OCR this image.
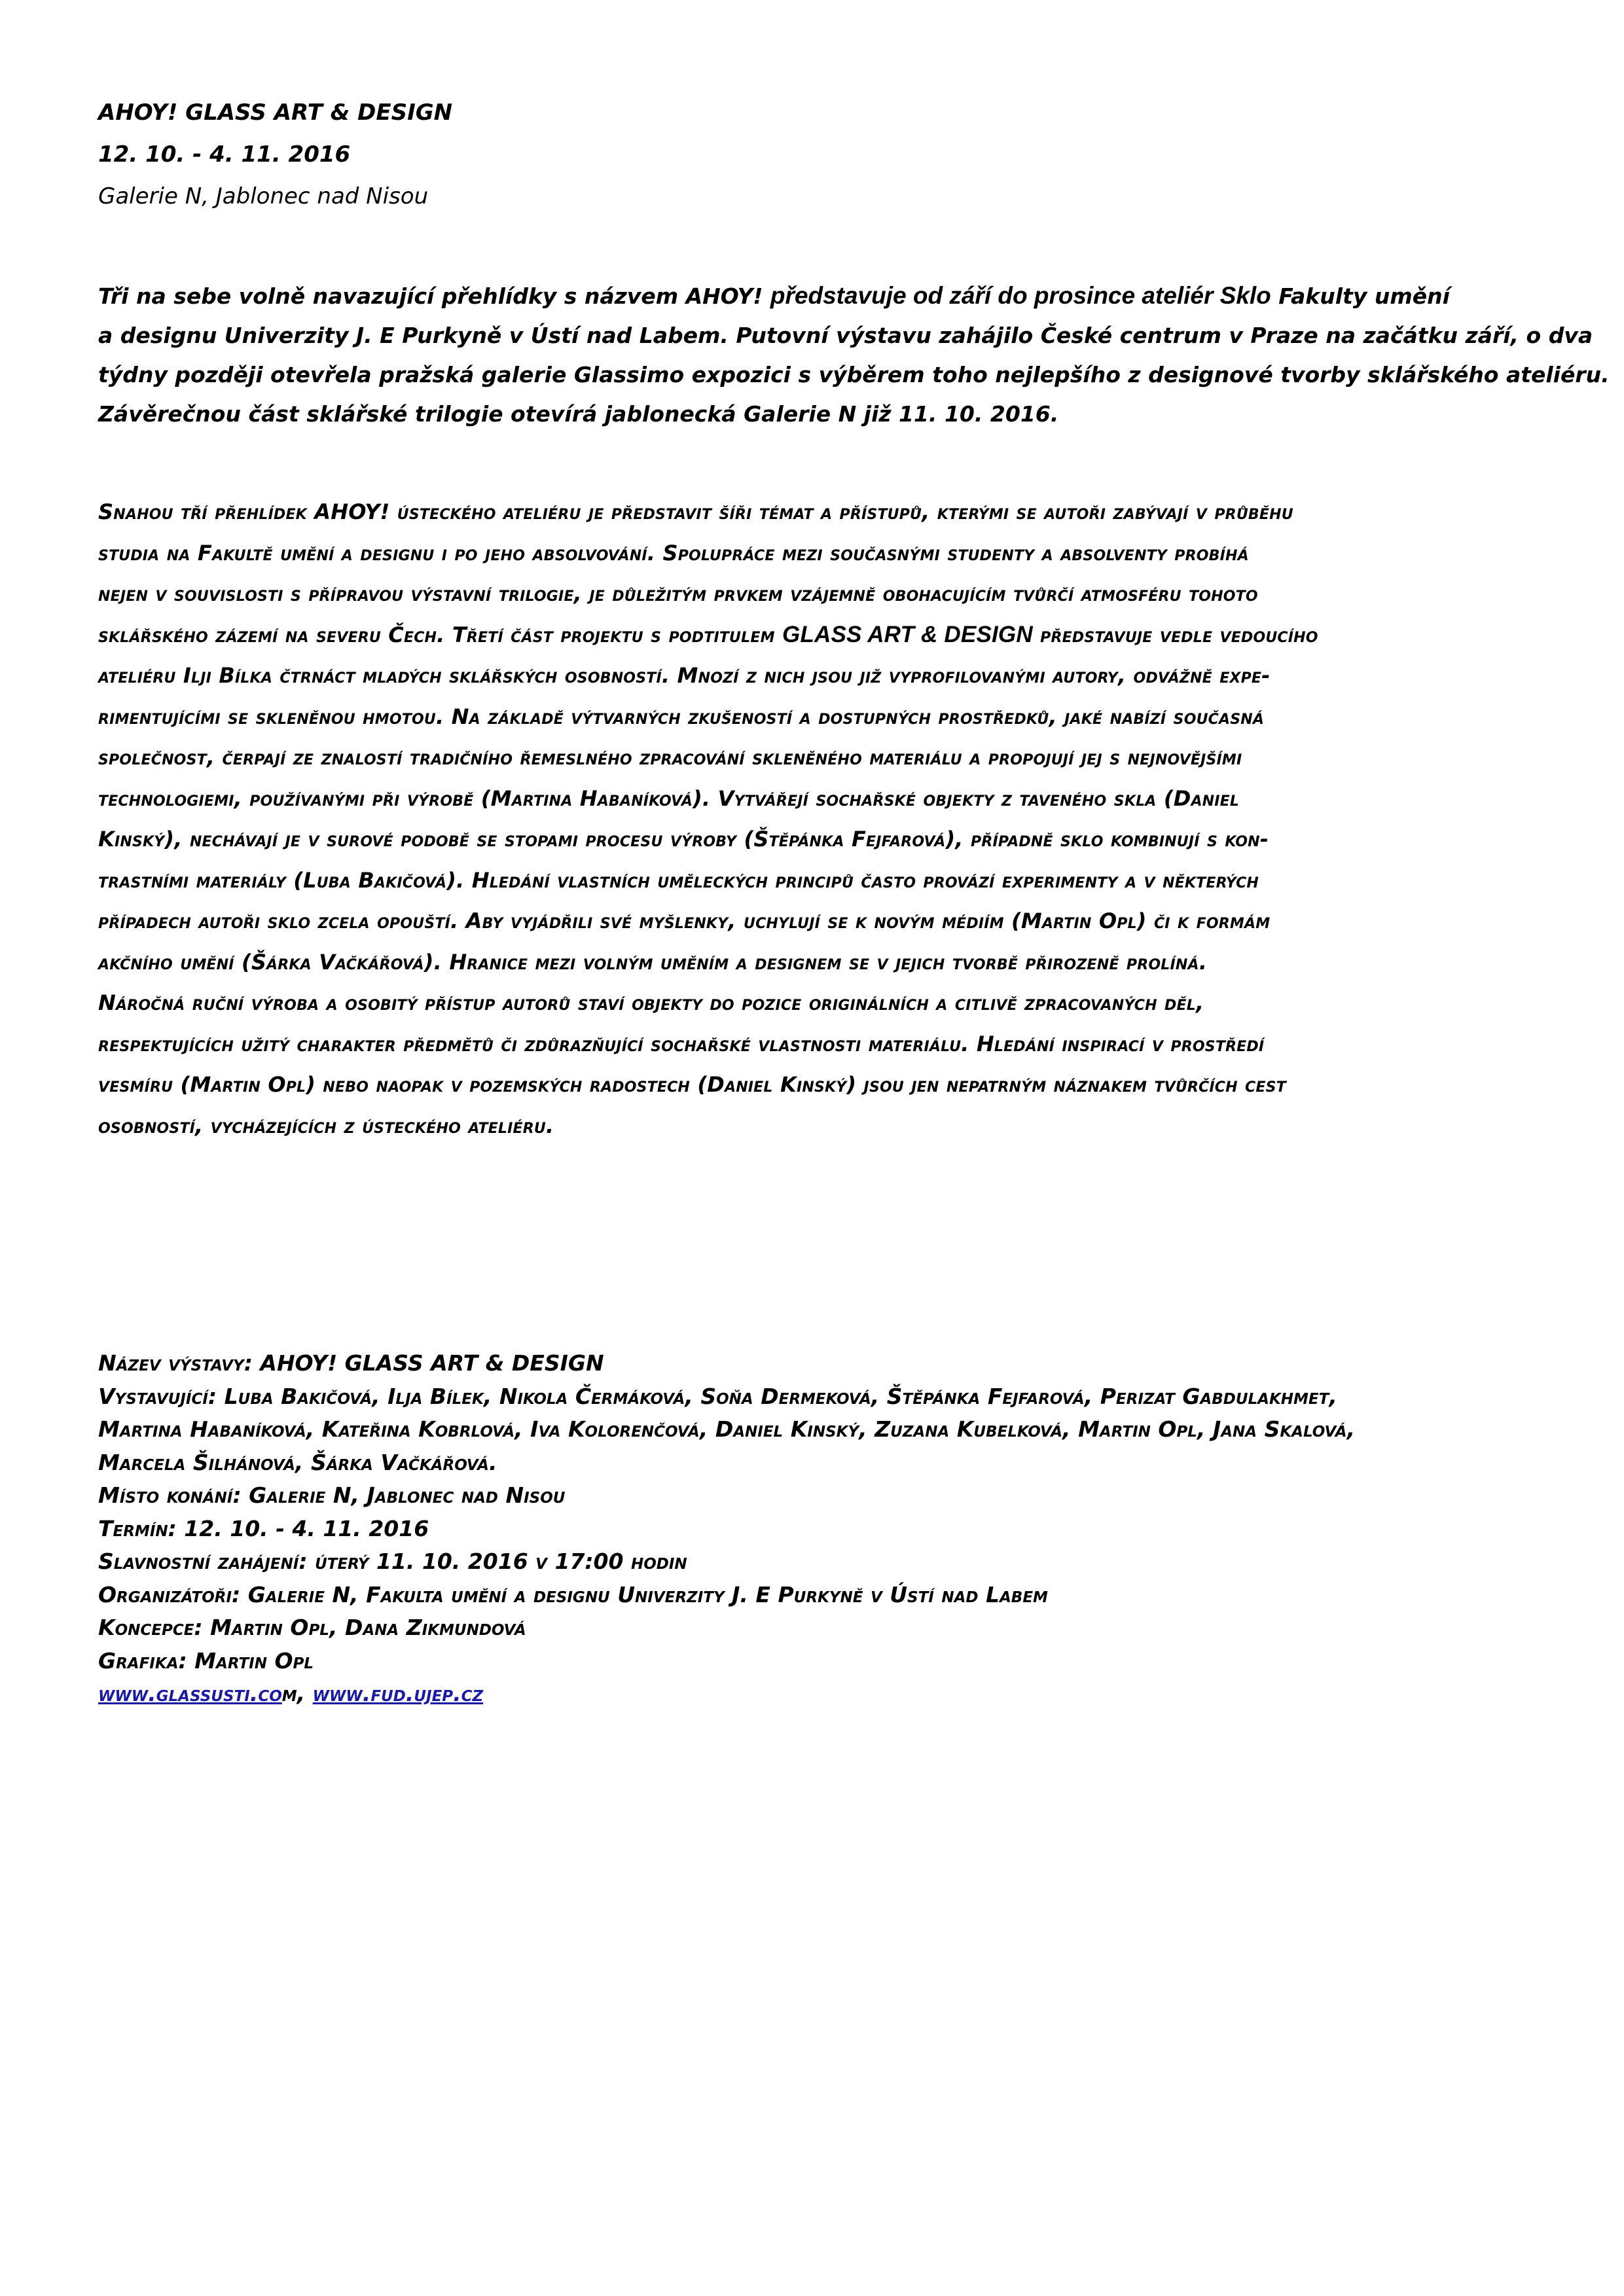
AHOY! GLASS ART & DESIGN
12. 10. - 4. 11. 2016
Galerie N, Jablonec nad Nisou
Tři na sebe volně navazující přehlídky s názvem AHOY! představuje od září do prosince ateliér Sklo Fakulty umění
a designu Univerzity J. E Purkyně v Ústí nad Labem. Putovní výstavu zahájilo České centrum v Praze na začátku září, o dva
týdny později otevřela pražská galerie Glassimo expozici s výběrem toho nejlepšího z designové tvorby sklářského ateliéru.
Závěrečnou část sklářské trilogie otevírá jablonecká Galerie N již 11. 10. 2016.
Snahou tří přehlídek AHOY! ústeckého ateliéru je představit šíři témat a přístupů, kterými se autoři zabývají v průběhu
studia na Fakultě umění a designu i po jeho absolvování. Spolupráce mezi současnými studenty a absolventy probíhá
nejen v souvislosti s přípravou výstavní trilogie, je důležitým prvkem vzájemně obohacujícím tvůrčí atmosféru tohoto
sklářského zázemí na severu Čech. Třetí část projektu s podtitulem GLASS ART & DESIGN představuje vedle vedoucího
ateliéru Ilji Bílka čtrnáct mladých sklářských osobností. Mnozí z nich jsou již vyprofilovanými autory, odvážně expe-
rimentujícími se skleněnou hmotou. Na základě výtvarných zkušeností a dostupných prostředků, jaké nabízí současná
společnost, čerpají ze znalostí tradičního řemeslného zpracování skleněného materiálu a propojují jej s nejnovějšími
technologiemi, používanými při výrobě (Martina Habaníková). Vytvářejí sochařské objekty z taveného skla (Daniel
Kinský), nechávají je v surové podobě se stopami procesu výroby (Štěpánka Fejfarová), případně sklo kombinují s kon-
trastními materiály (Luba Bakičová). Hledání vlastních uměleckých principů často provází experimenty a v některých
případech autoři sklo zcela opouští. Aby vyjádřili své myšlenky, uchylují se k novým médiím (Martin Opl) či k formám
akčního umění (Šárka Vačkářová). Hranice mezi volným uměním a designem se v jejich tvorbě přirozeně prolíná.
Náročná ruční výroba a osobitý přístup autorů staví objekty do pozice originálních a citlivě zpracovaných děl,
respektujících užitý charakter předmětů či zdůrazňující sochařské vlastnosti materiálu. Hledání inspirací v prostředí
vesmíru (Martin Opl) nebo naopak v pozemských radostech (Daniel Kinský) jsou jen nepatrným náznakem tvůrčích cest
osobností, vycházejících z ústeckého ateliéru.
Název výstavy: AHOY! GLASS ART & DESIGN
Vystavující: Luba Bakičová, Ilja Bílek, Nikola Čermáková, Soňa Dermeková, Štěpánka Fejfarová, Perizat Gabdulakhmet,
Martina Habaníková, Kateřina Kobrlová, Iva Kolorenčová, Daniel Kinský, Zuzana Kubelková, Martin Opl, Jana Skalová,
Marcela Šilhánová, Šárka Vačkářová.
Místo konání: Galerie N, Jablonec nad Nisou
Termín: 12. 10. - 4. 11. 2016
Slavnostní zahájení: úterý 11. 10. 2016 v 17:00 hodin
Organizátoři: Galerie N, Fakulta umění a designu Univerzity J. E Purkyně v Ústí nad Labem
Koncepce: Martin Opl, Dana Zikmundová
Grafika: Martin Opl
www.glassusti.com, www.fud.ujep.cz
